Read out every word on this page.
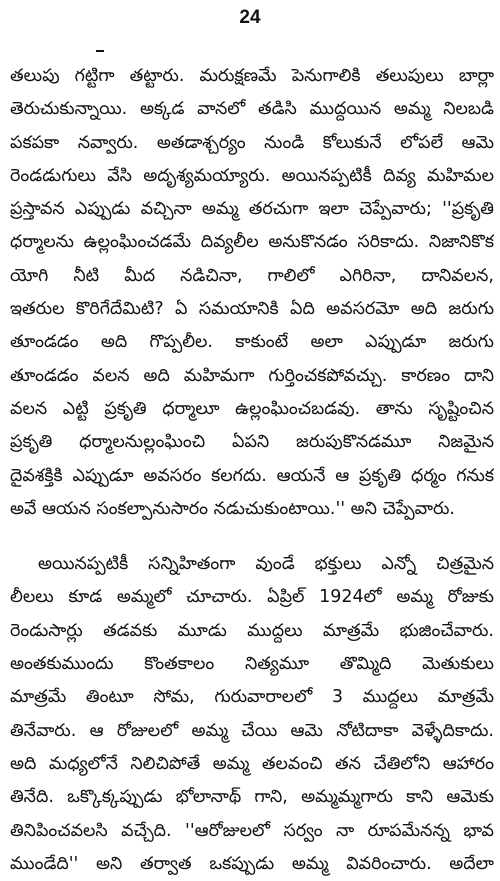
24
తలుపు గట్టిగా తట్టారు. మరుక్షణమే పెనుగాలికి తలుపులు బార్లా
తెరుచుకున్నాయి. అక్కడ వానలో తడిసి ముద్దయిన అమ్మ నిలబడి
పకపకా నవ్వారు. అతడాశ్చర్యం నుండి కోలుకునే లోపలే ఆమె
రెండడుగులు వేసి అదృశ్యమయ్యారు. అయినప్పటికీ దివ్య మహిమల
ప్రస్తావన ఎప్పుడు వచ్చినా అమ్మ తరచుగా ఇలా చెప్పేవారు; ''ప్రకృతి
ధర్మాలను ఉల్లంఘించడమే దివ్యలీల అనుకొనడం సరికాదు. నిజానికొక
యోగి నీటి మీద నడిచినా, గాలిలో ఎగిరినా, దానివలన,
ఇతరుల కొరిగేదేమిటి? ఏ సమయానికి ఏది అవసరమో అది జరుగు
తూండడం అది గొప్పలీల. కాకుంటే అలా ఎప్పుడూ జరుగు
తూండడం వలన అది మహిమగా గుర్తించకపోవచ్చు. కారణం దాని
వలన ఎట్టి ప్రకృతి ధర్మాలూ ఉల్లంఘించబడవు. తాను సృష్టించిన
ప్రకృతి ధర్మాలనుల్లంఘించి ఏపని జరుపుకొనడమూ నిజమైన
దైవశక్తికి ఎప్పుడూ అవసరం కలగదు. ఆయనే ఆ ప్రకృతి ధర్మం గనుక
అవే ఆయన సంకల్పానుసారం నడుచుకుంటాయి.'' అని చెప్పేవారు.
అయినప్పటికీ సన్నిహితంగా వుండే భక్తులు ఎన్నో చిత్రమైన
లీలలు కూడ అమ్మలో చూచారు. ఏప్రిల్ 1924లో అమ్మ రోజుకు
రెండుసార్లు తడవకు మూడు ముద్దలు మాత్రమే భుజించేవారు.
అంతకుముందు కొంతకాలం నిత్యమూ తొమ్మిది మెతుకులు
మాత్రమే తింటూ సోమ, గురువారాలలో 3 ముద్దలు మాత్రమే
తినేవారు. ఆ రోజులలో అమ్మ చేయి ఆమె నోటిదాకా వెళ్ళేదికాదు.
అది మధ్యలోనే నిలిచిపోతే అమ్మ తలవంచి తన చేతిలోని ఆహారం
తినేది. ఒక్కొక్కప్పుడు భోలానాథ్ గాని, అమ్మమ్మగారు కాని ఆమెకు
తినిపించవలసి వచ్చేది. ''ఆరోజులలో సర్వం నా రూపమేనన్న భావ
ముండేది'' అని తర్వాత ఒకప్పుడు అమ్మ వివరించారు. అదేలా
